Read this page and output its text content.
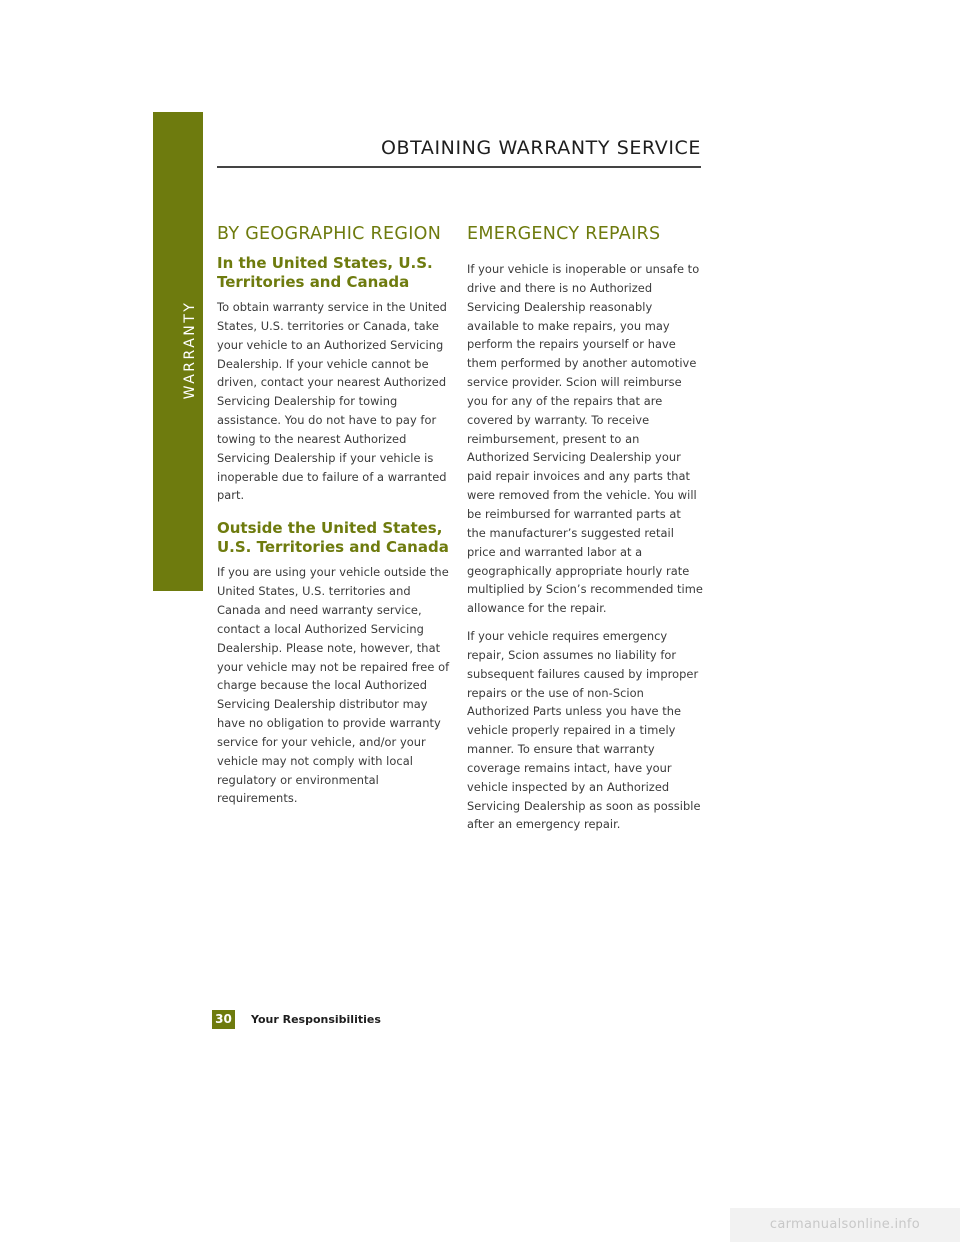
WARRANTY
OBTAINING WARRANTY SERVICE
BY GEOGRAPHIC REGION
In the United States, U.S. Territories and Canada

To obtain warranty service in the United States, U.S. territories or Canada, take your vehicle to an Authorized Servicing Dealership. If your vehicle cannot be driven, contact your nearest Authorized Servicing Dealership for towing assistance. You do not have to pay for towing to the nearest Authorized Servicing Dealership if your vehicle is inoperable due to failure of a warranted part.

Outside the United States, U.S. Territories and Canada

If you are using your vehicle outside the United States, U.S. territories and Canada and need warranty service, contact a local Authorized Servicing Dealership. Please note, however, that your vehicle may not be repaired free of charge because the local Authorized Servicing Dealership distributor may have no obligation to provide warranty service for your vehicle, and/or your vehicle may not comply with local regulatory or environmental requirements.

EMERGENCY REPAIRS

If your vehicle is inoperable or unsafe to drive and there is no Authorized Servicing Dealership reasonably available to make repairs, you may perform the repairs yourself or have them performed by another automotive service provider. Scion will reimburse you for any of the repairs that are covered by warranty. To receive reimbursement, present to an Authorized Servicing Dealership your paid repair invoices and any parts that were removed from the vehicle. You will be reimbursed for warranted parts at the manufacturer’s suggested retail price and warranted labor at a geographically appropriate hourly rate multiplied by Scion’s recommended time allowance for the repair.

If your vehicle requires emergency repair, Scion assumes no liability for subsequent failures caused by improper repairs or the use of non-Scion Authorized Parts unless you have the vehicle properly repaired in a timely manner. To ensure that warranty coverage remains intact, have your vehicle inspected by an Authorized Servicing Dealership as soon as possible after an emergency repair.

30 Your Responsibilities
carmanualsonline.info
